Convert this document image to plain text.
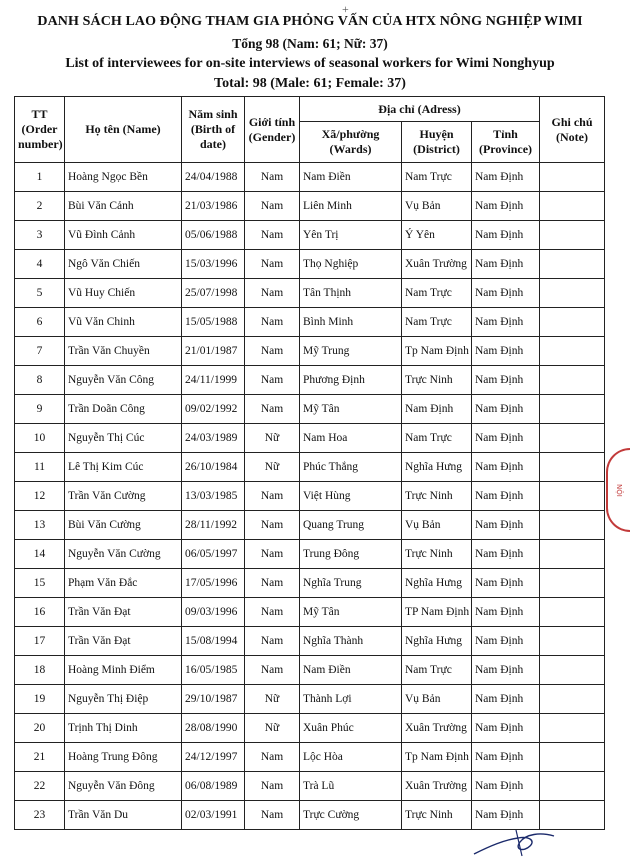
+
DANH SÁCH LAO ĐỘNG THAM GIA PHỎNG VẤN CỦA HTX NÔNG NGHIỆP WIMI
Tổng 98 (Nam: 61; Nữ: 37)
List of interviewees for on-site interviews of seasonal workers for Wimi Nonghyup
Total: 98 (Male: 61; Female: 37)
TT (Order number)	Họ tên (Name)	Năm sinh (Birth of date)	Giới tính (Gender)	Địa chỉ (Adress)			Ghi chú (Note)
				Xã/phường (Wards)	Huyện (District)	Tỉnh (Province)	
1	Hoàng Ngọc Bền	24/04/1988	Nam	Nam Điền	Nam Trực	Nam Định	
2	Bùi Văn Cảnh	21/03/1986	Nam	Liên Minh	Vụ Bản	Nam Định	
3	Vũ Đình Cảnh	05/06/1988	Nam	Yên Trị	Ý Yên	Nam Định	
4	Ngô Văn Chiến	15/03/1996	Nam	Thọ Nghiệp	Xuân Trường	Nam Định	
5	Vũ Huy Chiến	25/07/1998	Nam	Tân Thịnh	Nam Trực	Nam Định	
6	Vũ Văn Chinh	15/05/1988	Nam	Bình Minh	Nam Trực	Nam Định	
7	Trần Văn Chuyền	21/01/1987	Nam	Mỹ Trung	Tp Nam Định	Nam Định	
8	Nguyễn Văn Công	24/11/1999	Nam	Phương Định	Trực Ninh	Nam Định	
9	Trần Doãn Công	09/02/1992	Nam	Mỹ Tân	Nam Định	Nam Định	
10	Nguyễn Thị Cúc	24/03/1989	Nữ	Nam Hoa	Nam Trực	Nam Định	
11	Lê Thị Kim Cúc	26/10/1984	Nữ	Phúc Thắng	Nghĩa Hưng	Nam Định	
12	Trần Văn Cường	13/03/1985	Nam	Việt Hùng	Trực Ninh	Nam Định	
13	Bùi Văn Cường	28/11/1992	Nam	Quang Trung	Vụ Bản	Nam Định	
14	Nguyễn Văn Cường	06/05/1997	Nam	Trung Đông	Trực Ninh	Nam Định	
15	Phạm Văn Đắc	17/05/1996	Nam	Nghĩa Trung	Nghĩa Hưng	Nam Định	
16	Trần Văn Đạt	09/03/1996	Nam	Mỹ Tân	TP Nam Định	Nam Định	
17	Trần Văn Đạt	15/08/1994	Nam	Nghĩa Thành	Nghĩa Hưng	Nam Định	
18	Hoàng Minh Điểm	16/05/1985	Nam	Nam Điền	Nam Trực	Nam Định	
19	Nguyễn Thị Điệp	29/10/1987	Nữ	Thành Lợi	Vụ Bản	Nam Định	
20	Trịnh Thị Dinh	28/08/1990	Nữ	Xuân Phúc	Xuân Trường	Nam Định	
21	Hoàng Trung Đông	24/12/1997	Nam	Lộc Hòa	Tp Nam Định	Nam Định	
22	Nguyễn Văn Đông	06/08/1989	Nam	Trà Lũ	Xuân Trường	Nam Định	
23	Trần Văn Du	02/03/1991	Nam	Trực Cường	Trực Ninh	Nam Định	
NỘI
